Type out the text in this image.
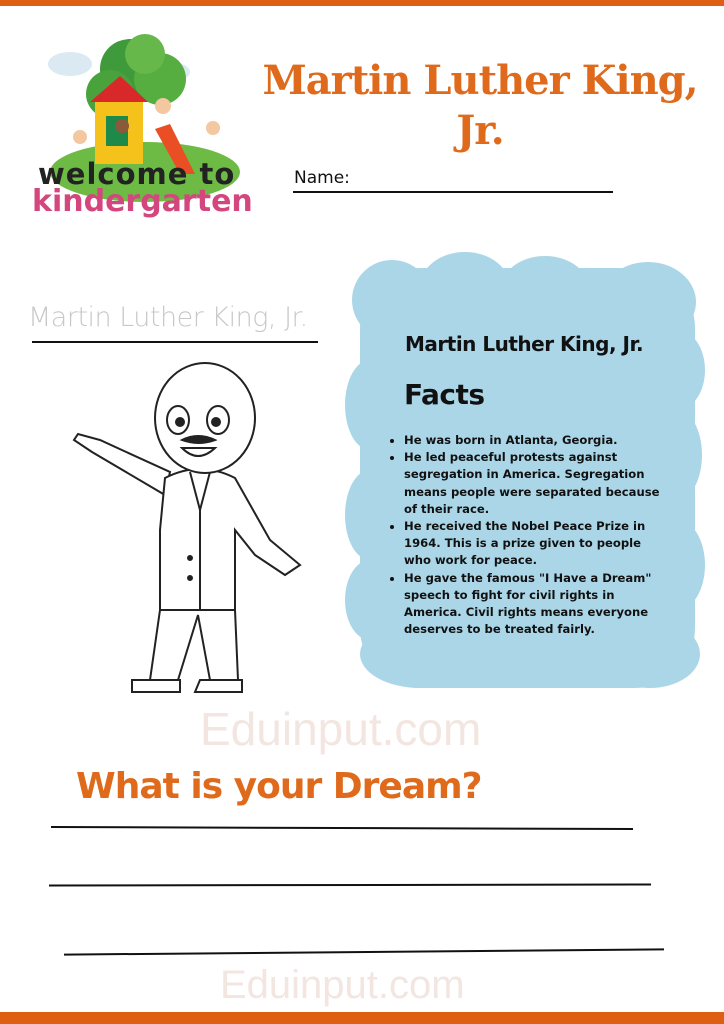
welcome to
kindergarten
Martin Luther King, Jr.
Name:
Martin Luther King, Jr.
Martin Luther King, Jr.
Facts
• He was born in Atlanta, Georgia.
• He led peaceful protests against segregation in America. Segregation means people were separated because of their race.
• He received the Nobel Peace Prize in 1964. This is a prize given to people who work for peace.
• He gave the famous "I Have a Dream" speech to fight for civil rights in America. Civil rights means everyone deserves to be treated fairly.
Eduinput.com
What is your Dream?
Eduinput.com
